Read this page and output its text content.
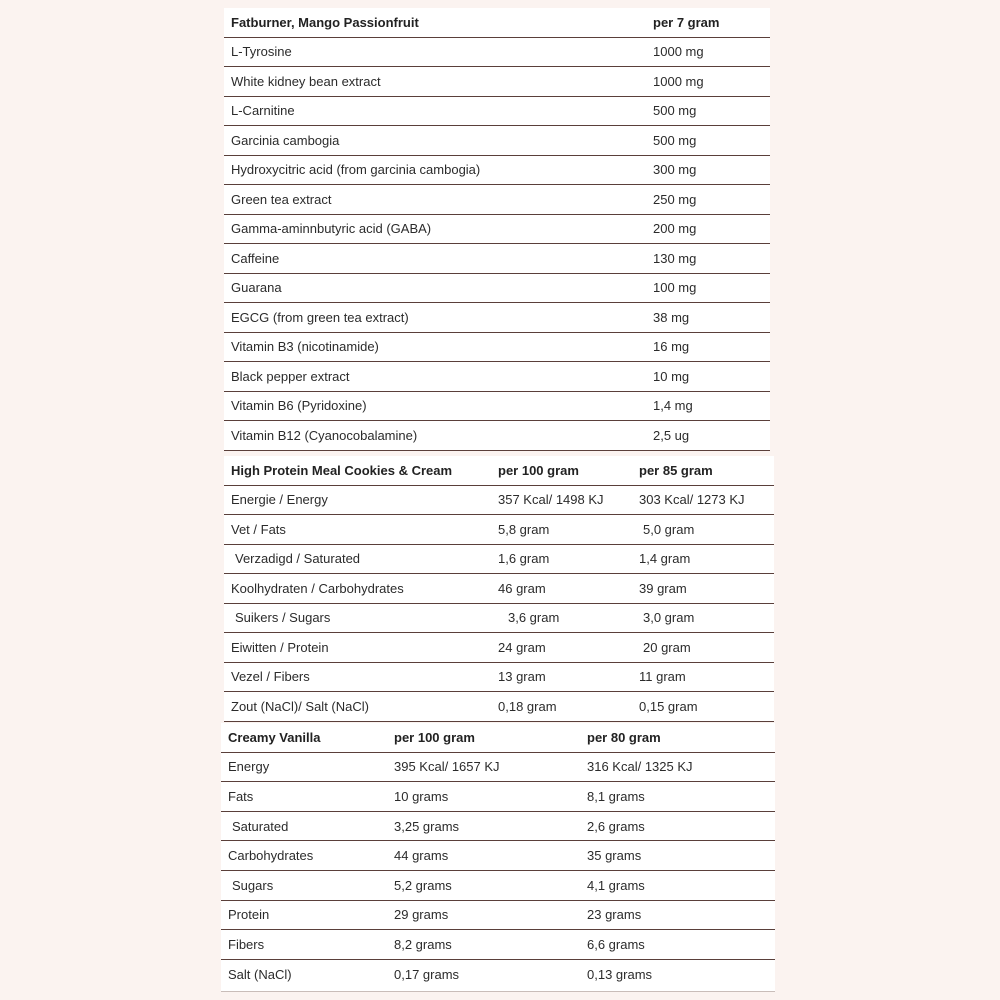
Fatburner, Mango Passionfruit	per 7 gram
L-Tyrosine	1000 mg
White kidney bean extract	1000 mg
L-Carnitine	500 mg
Garcinia cambogia	500 mg
Hydroxycitric acid (from garcinia cambogia)	300 mg
Green tea extract	250 mg
Gamma-aminnbutyric acid (GABA)	200 mg
Caffeine	130 mg
Guarana	100 mg
EGCG (from green tea extract)	38 mg
Vitamin B3 (nicotinamide)	16 mg
Black pepper extract	10 mg
Vitamin B6 (Pyridoxine)	1,4 mg
Vitamin B12 (Cyanocobalamine)	2,5 ug
High Protein Meal Cookies & Cream	per 100 gram	per 85 gram
Energie / Energy	357 Kcal/ 1498 KJ	303 Kcal/ 1273 KJ
Vet / Fats	5,8 gram	5,0 gram
Verzadigd / Saturated	1,6 gram	1,4 gram
Koolhydraten / Carbohydrates	46 gram	39 gram
Suikers / Sugars	3,6 gram	3,0 gram
Eiwitten / Protein	24 gram	20 gram
Vezel / Fibers	13 gram	11 gram
Zout (NaCl)/ Salt (NaCl)	0,18 gram	0,15 gram
Creamy Vanilla	per 100 gram	per 80 gram
Energy	395 Kcal/ 1657 KJ	316 Kcal/ 1325 KJ
Fats	10 grams	8,1 grams
Saturated	3,25 grams	2,6 grams
Carbohydrates	44 grams	35 grams
Sugars	5,2 grams	4,1 grams
Protein	29 grams	23 grams
Fibers	8,2 grams	6,6 grams
Salt (NaCl)	0,17 grams	0,13 grams
